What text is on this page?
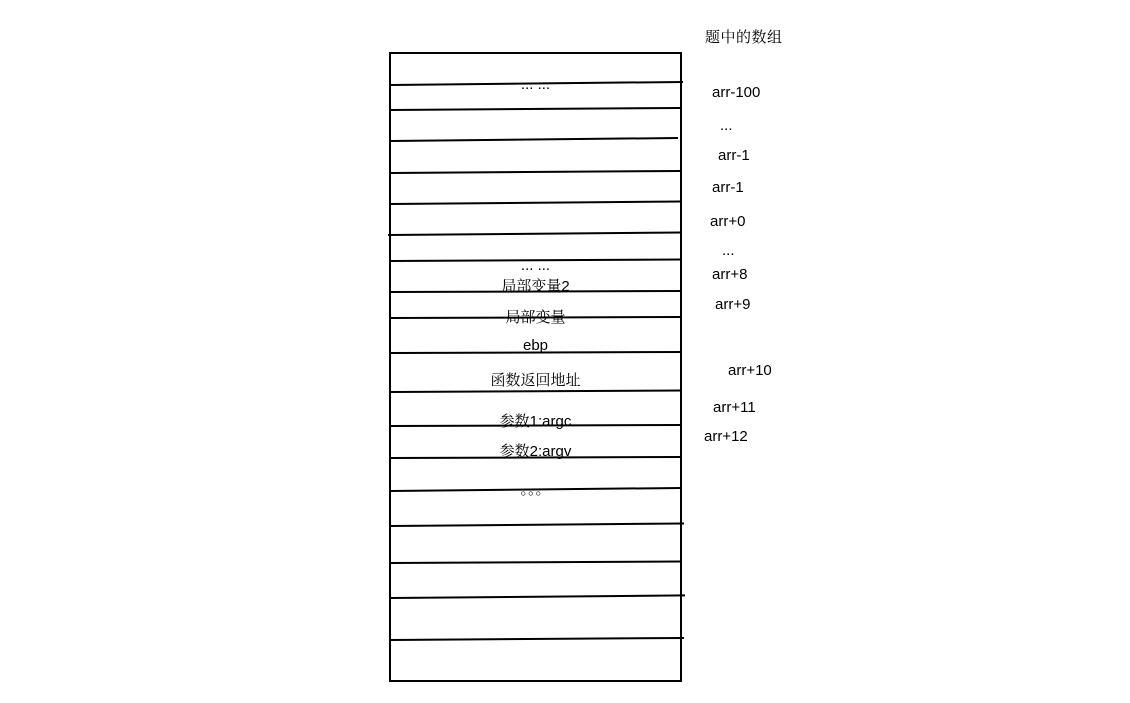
题中的数组
... ...
... ...
局部变量2
局部变量
ebp
函数返回地址
参数1:argc
参数2:argv
。。。
arr-100
...
arr-1
arr-1
arr+0
...
arr+8
arr+9
arr+10
arr+11
arr+12
